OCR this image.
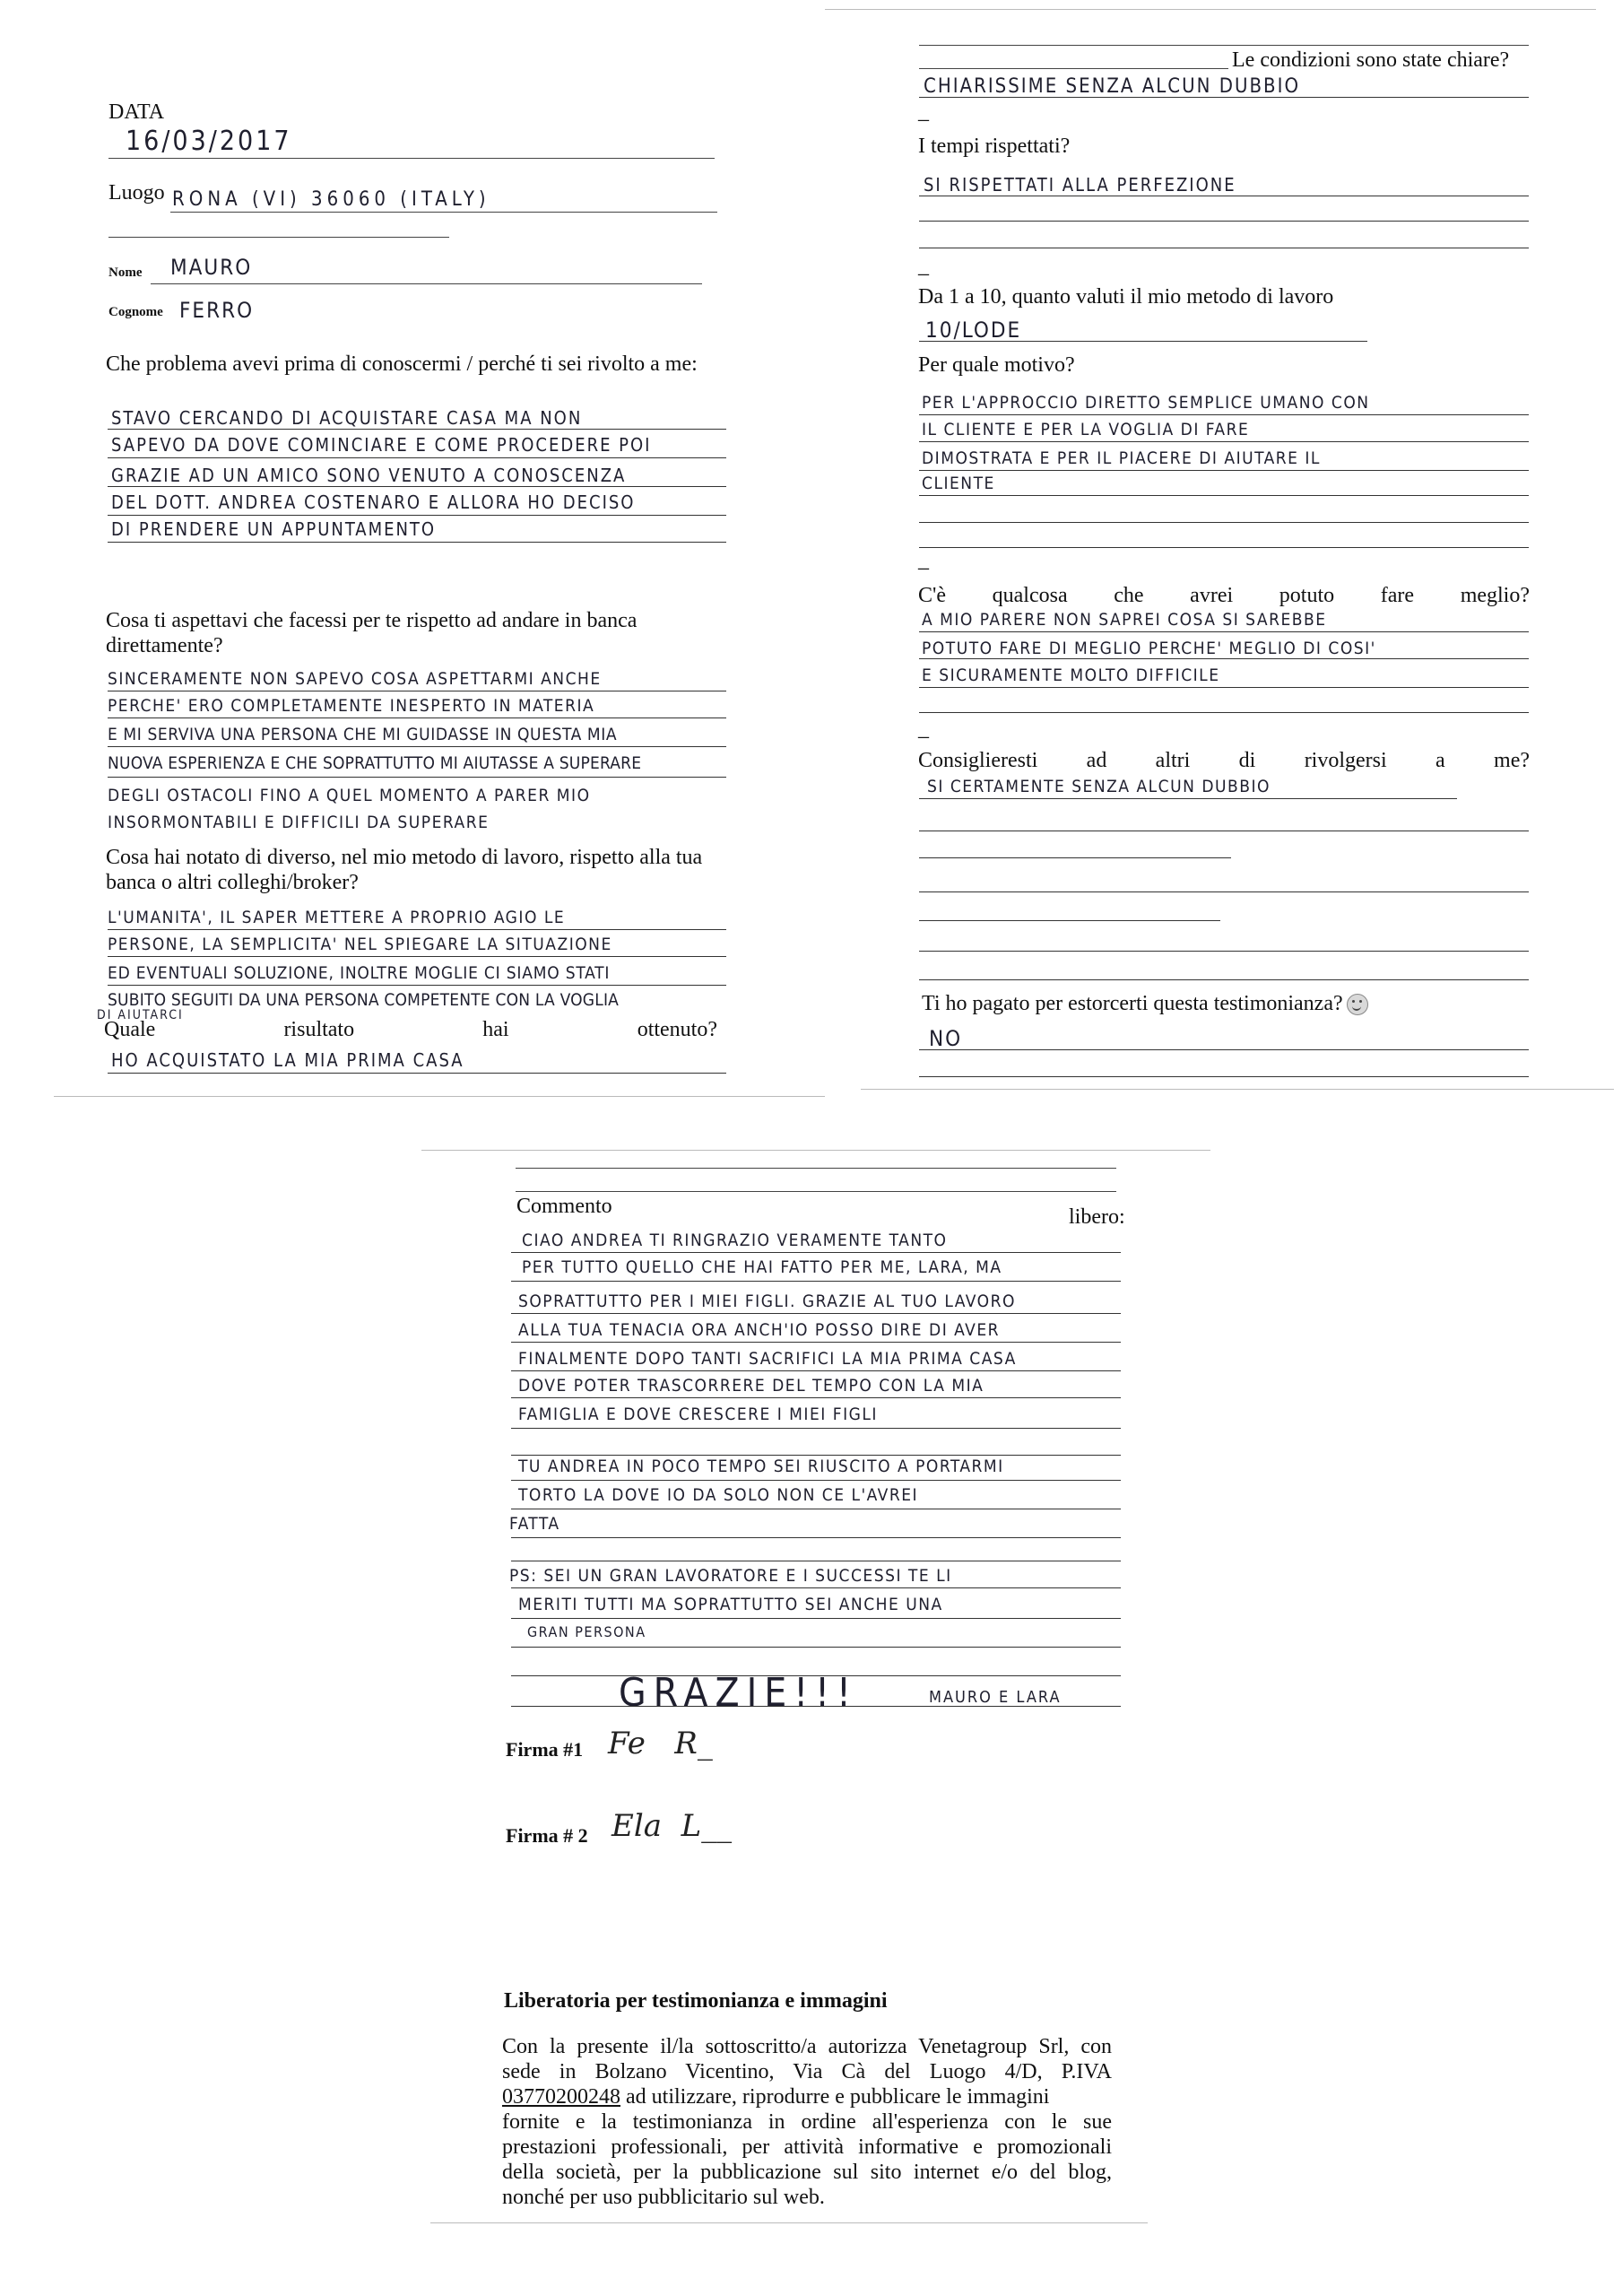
DATA
16/03/2017
Luogo RONA (VI) 36060 (ITALY)
Nome MAURO
Cognome FERRO
Che problema avevi prima di conoscermi / perché ti sei rivolto a me:
STAVO CERCANDO DI ACQUISTARE CASA MA NON
SAPEVO DA DOVE COMINCIARE E COME PROCEDERE POI
GRAZIE AD UN AMICO SONO VENUTO A CONOSCENZA
DEL DOTT. ANDREA COSTENARO E ALLORA HO DECISO
DI PRENDERE UN APPUNTAMENTO
Cosa ti aspettavi che facessi per te rispetto ad andare in banca direttamente?
SINCERAMENTE NON SAPEVO COSA ASPETTARMI ANCHE
PERCHE' ERO COMPLETAMENTE INESPERTO IN MATERIA
E MI SERVIVA UNA PERSONA CHE MI GUIDASSE IN QUESTA MIA
NUOVA ESPERIENZA E CHE SOPRATTUTTO MI AIUTASSE A SUPERARE
DEGLI OSTACOLI FINO A QUEL MOMENTO A PARER MIO
INSORMONTABILI E DIFFICILI DA SUPERARE
Cosa hai notato di diverso, nel mio metodo di lavoro, rispetto alla tua banca o altri colleghi/broker?
L'UMANITA', IL SAPER METTERE A PROPRIO AGIO LE
PERSONE, LA SEMPLICITA' NEL SPIEGARE LA SITUAZIONE
ED EVENTUALI SOLUZIONE, INOLTRE MOGLIE CI SIAMO STATI
SUBITO SEGUITI DA UNA PERSONA COMPETENTE CON LA VOGLIA
DI AIUTARCI
Quale risultato hai ottenuto?
HO ACQUISTATO LA MIA PRIMA CASA
Le condizioni sono state chiare?
CHIARISSIME SENZA ALCUN DUBBIO
_
I tempi rispettati?
SI RISPETTATI ALLA PERFEZIONE
_
Da 1 a 10, quanto valuti il mio metodo di lavoro
10/LODE
Per quale motivo?
PER L'APPROCCIO DIRETTO SEMPLICE UMANO CON
IL CLIENTE E PER LA VOGLIA DI FARE
DIMOSTRATA E PER IL PIACERE DI AIUTARE IL
CLIENTE
_
C'è qualcosa che avrei potuto fare meglio?
A MIO PARERE NON SAPREI COSA SI SAREBBE
POTUTO FARE DI MEGLIO PERCHE' MEGLIO DI COSI'
E SICURAMENTE MOLTO DIFFICILE
_
Consiglieresti ad altri di rivolgersi a me?
SI CERTAMENTE SENZA ALCUN DUBBIO
Ti ho pagato per estorcerti questa testimonianza?
NO
Commento	libero:
CIAO ANDREA TI RINGRAZIO VERAMENTE TANTO
PER TUTTO QUELLO CHE HAI FATTO PER ME, LARA, MA
SOPRATTUTTO PER I MIEI FIGLI. GRAZIE AL TUO LAVORO
ALLA TUA TENACIA ORA ANCH'IO POSSO DIRE DI AVER
FINALMENTE DOPO TANTI SACRIFICI LA MIA PRIMA CASA
DOVE POTER TRASCORRERE DEL TEMPO CON LA MIA
FAMIGLIA E DOVE CRESCERE I MIEI FIGLI
TU ANDREA IN POCO TEMPO SEI RIUSCITO A PORTARMI
TORTO LA DOVE IO DA SOLO NON CE L'AVREI
FATTA
PS: SEI UN GRAN LAVORATORE E I SUCCESSI TE LI
MERITI TUTTI MA SOPRATTUTTO SEI ANCHE UNA
GRAN PERSONA
GRAZIE!!!	MAURO E LARA
Firma #1 Fe   R_
Firma # 2 Ela  L__
Liberatoria per testimonianza e immagini
Con la presente il/la sottoscritto/a autorizza Venetagroup Srl, con
sede in Bolzano Vicentino, Via Cà del Luogo 4/D, P.IVA
03770200248 ad utilizzare, riprodurre e pubblicare le immagini
fornite e la testimonianza in ordine all'esperienza con le sue
prestazioni professionali, per attività informative e promozionali
della società, per la pubblicazione sul sito internet e/o del blog,
nonché per uso pubblicitario sul web.
